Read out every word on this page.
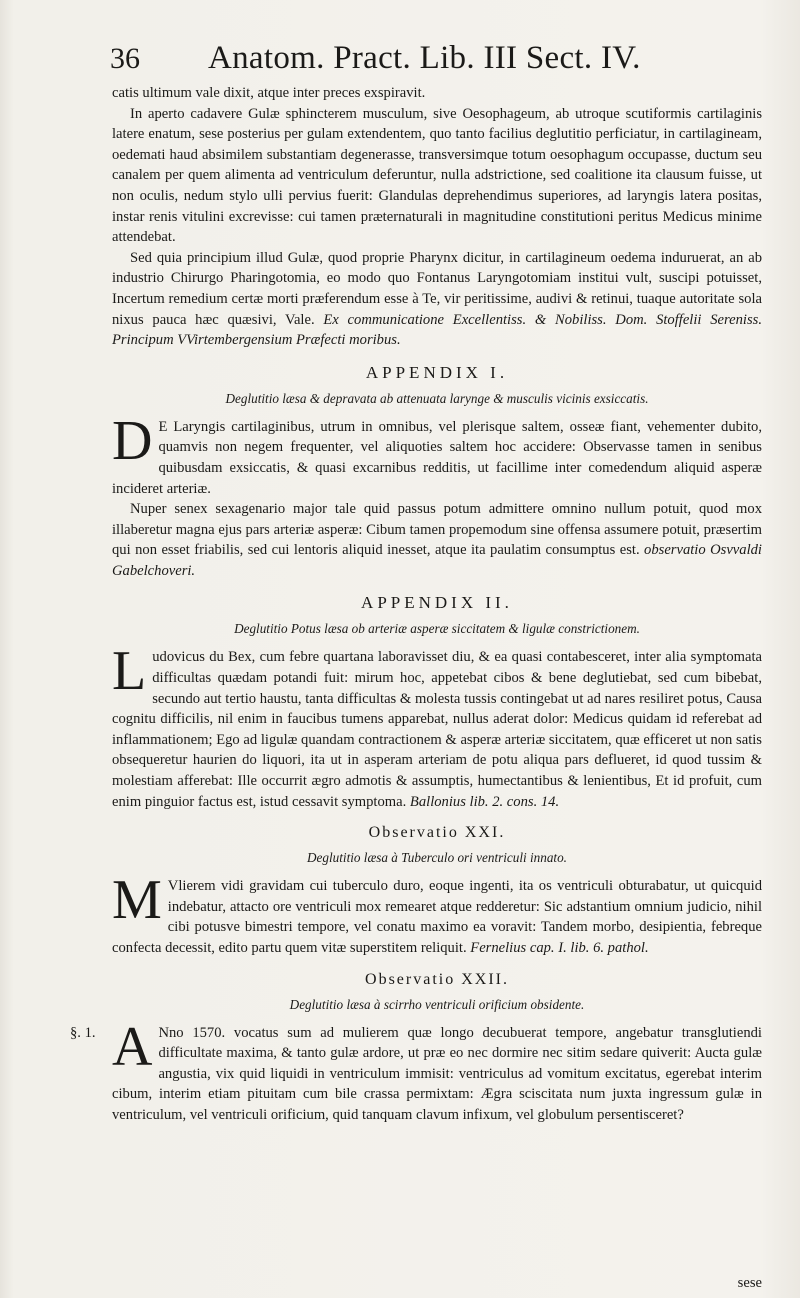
36	Anatom. Pract. Lib. III Sect. IV.

catis ultimum vale dixit, atque inter preces exspiravit.

In aperto cadavere Gulæ sphincterem musculum, sive Oesophageum, ab utroque scutiformis cartilaginis latere enatum, sese posterius per gulam extendentem, quo tanto facilius deglutitio perficiatur, in cartilagineam, oedemati haud absimilem substantiam degenerasse, transversimque totum oesophagum occupasse, ductum seu canalem per quem alimenta ad ventriculum deferuntur, nulla adstrictione, sed coalitione ita clausum fuisse, ut non oculis, nedum stylo ulli pervius fuerit: Glandulas deprehendimus superiores, ad laryngis latera positas, instar renis vitulini excrevisse: cui tamen præternaturali in magnitudine constitutioni peritus Medicus minime attendebat.

Sed quia principium illud Gulæ, quod proprie Pharynx dicitur, in cartilagineum oedema induruerat, an ab industrio Chirurgo Pharingotomia, eo modo quo Fontanus Laryngotomiam institui vult, suscipi potuisset, Incertum remedium certæ morti præferendum esse à Te, vir peritissime, audivi & retinui, tuaque autoritate sola nixus pauca hæc quæsivi, Vale. Ex communicatione Excellentiss. & Nobiliss. Dom. Stoffelii Sereniss. Principum VVirtembergensium Præfecti moribus.

APPENDIX I.
Deglutitio læsa & depravata ab attenuata larynge & musculis vicinis exsiccatis.

D E Laryngis cartilaginibus, utrum in omnibus, vel plerisque saltem, osseæ fiant, vehementer dubito, quamvis non negem frequenter, vel aliquoties saltem hoc accidere: Observasse tamen in senibus quibusdam exsiccatis, & quasi excarnibus redditis, ut facillime inter comedendum aliquid asperæ incideret arteriæ.

Nuper senex sexagenario major tale quid passus potum admittere omnino nullum potuit, quod mox illaberetur magna ejus pars arteriæ asperæ: Cibum tamen propemodum sine offensa assumere potuit, præsertim qui non esset friabilis, sed cui lentoris aliquid inesset, atque ita paulatim consumptus est. observatio Osvvaldi Gabelchoveri.

APPENDIX II.
Deglutitio Potus læsa ob arteriæ asperæ siccitatem & ligulæ constrictionem.

L udovicus du Bex, cum febre quartana laboravisset diu, & ea quasi contabesceret, inter alia symptomata difficultas quædam potandi fuit: mirum hoc, appetebat cibos & bene deglutiebat, sed cum bibebat, secundo aut tertio haustu, tanta difficultas & molesta tussis contingebat ut ad nares resiliret potus, Causa cognitu difficilis, nil enim in faucibus tumens apparebat, nullus aderat dolor: Medicus quidam id referebat ad inflammationem; Ego ad ligulæ quandam contractionem & asperæ arteriæ siccitatem, quæ efficeret ut non satis obsequeretur haurien do liquori, ita ut in asperam arteriam de potu aliqua pars deflueret, id quod tussim & molestiam afferebat: Ille occurrit ægro admotis & assumptis, humectantibus & lenientibus, Et id profuit, cum enim pinguior factus est, istud cessavit symptoma. Ballonius lib. 2. cons. 14.

Observatio XXI.
Deglutitio læsa à Tuberculo ori ventriculi innato.

M Vlierem vidi gravidam cui tuberculo duro, eoque ingenti, ita os ventriculi obturabatur, ut quicquid indebatur, attacto ore ventriculi mox remearet atque redderetur: Sic adstantium omnium judicio, nihil cibi potusve bimestri tempore, vel conatu maximo ea voravit: Tandem morbo, desipientia, febreque confecta decessit, edito partu quem vitæ superstitem reliquit. Fernelius cap. I. lib. 6. pathol.

Observatio XXII.
Deglutitio læsa à scirrho ventriculi orificium obsidente.

§. 1. A Nno 1570. vocatus sum ad mulierem quæ longo decubuerat tempore, angebatur transglutiendi difficultate maxima, & tanto gulæ ardore, ut præ eo nec dormire nec sitim sedare quiverit: Aucta gulæ angustia, vix quid liquidi in ventriculum immisit: ventriculus ad vomitum excitatus, egerebat interim cibum, interim etiam pituitam cum bile crassa permixtam: Ægra sciscitata num juxta ingressum gulæ in ventriculum, vel ventriculi orificium, quid tanquam clavum infixum, vel globulum persentisceret?

sese
